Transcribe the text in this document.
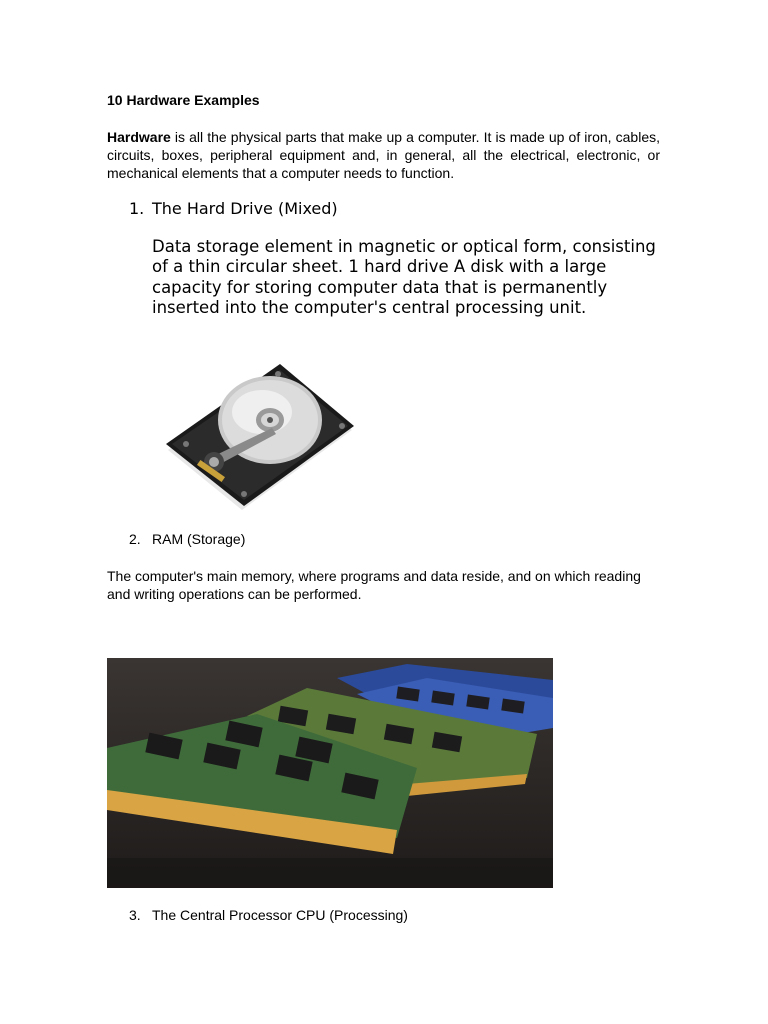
10 Hardware Examples
Hardware is all the physical parts that make up a computer. It is made up of iron, cables, circuits, boxes, peripheral equipment and, in general, all the electrical, electronic, or mechanical elements that a computer needs to function.
1. The Hard Drive (Mixed)
Data storage element in magnetic or optical form, consisting of a thin circular sheet. 1 hard drive A disk with a large capacity for storing computer data that is permanently inserted into the computer's central processing unit.
2. RAM (Storage)
The computer's main memory, where programs and data reside, and on which reading and writing operations can be performed.
3. The Central Processor CPU (Processing)
